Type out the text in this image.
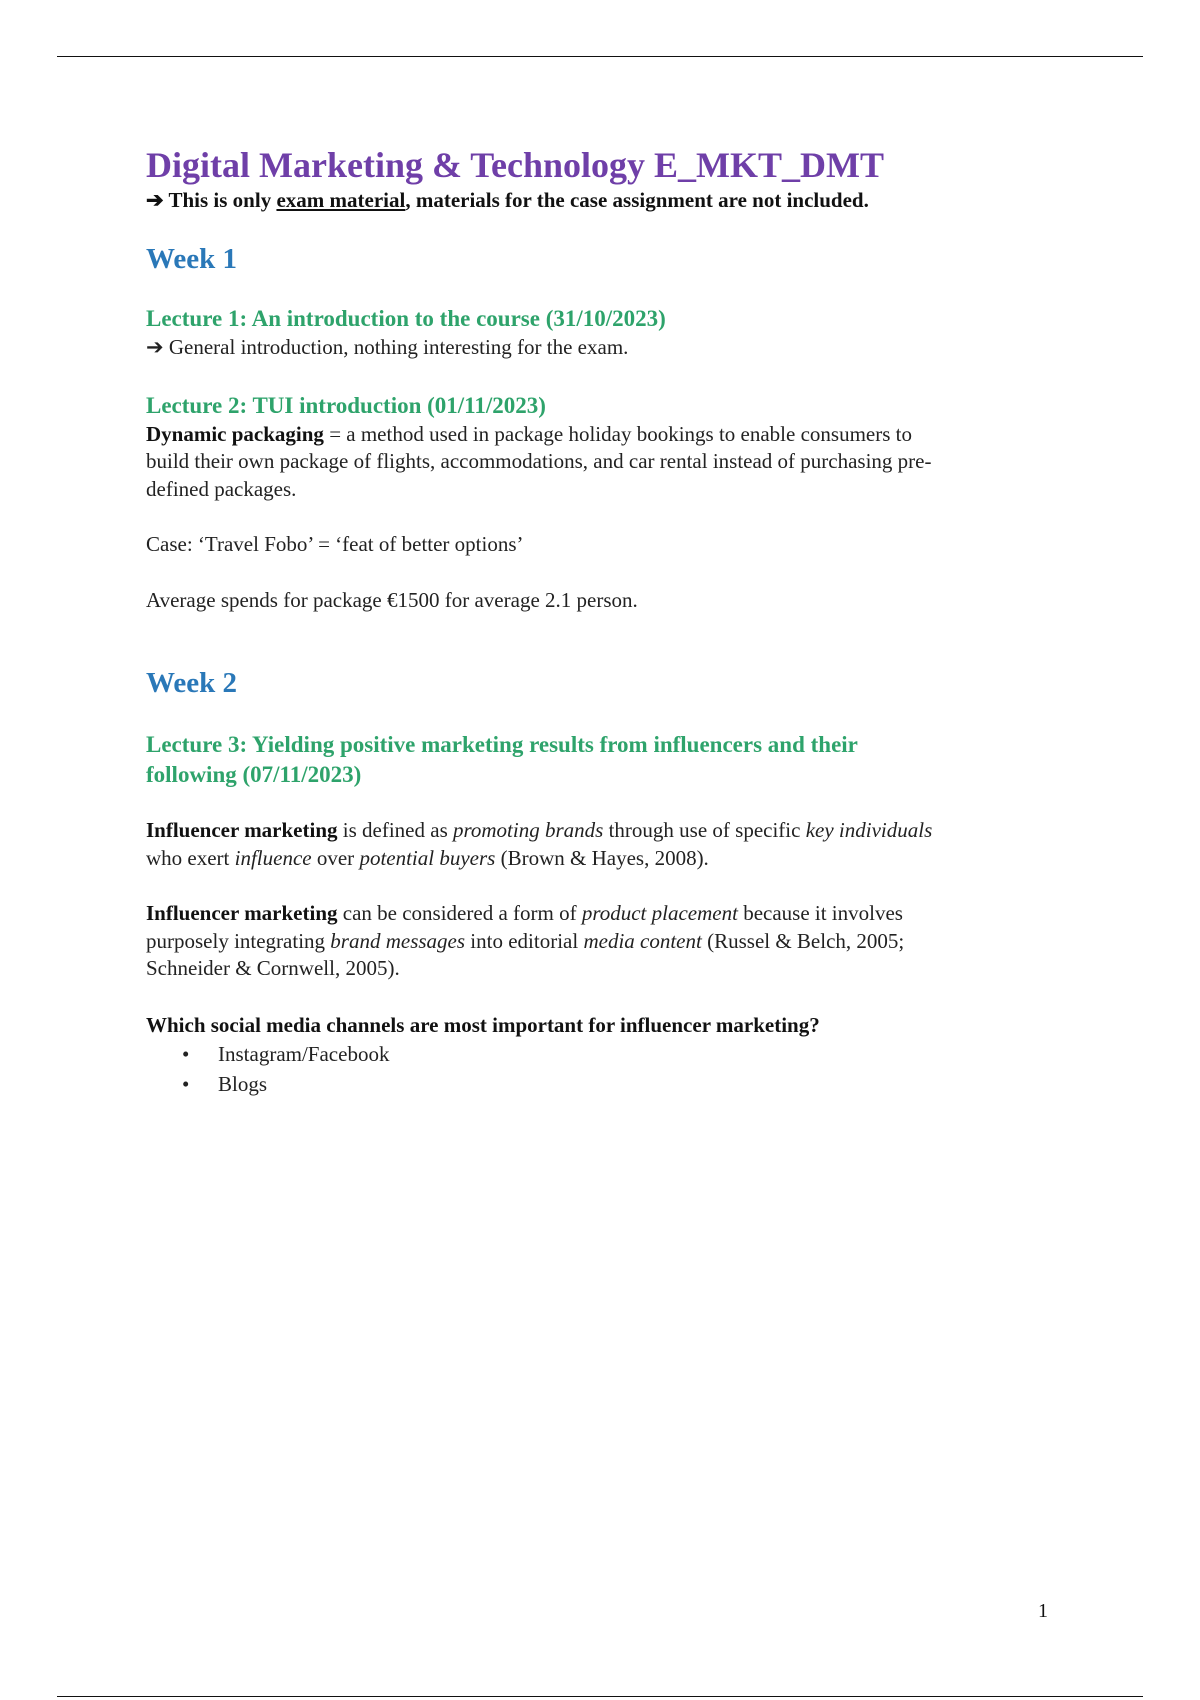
Digital Marketing & Technology E_MKT_DMT

➔ This is only exam material, materials for the case assignment are not included.

Week 1
Lecture 1: An introduction to the course (31/10/2023)

➔ General introduction, nothing interesting for the exam.

Lecture 2: TUI introduction (01/11/2023)

Dynamic packaging = a method used in package holiday bookings to enable consumers to
build their own package of flights, accommodations, and car rental instead of purchasing pre-
defined packages.

Case: ‘Travel Fobo’ = ‘feat of better options’

Average spends for package €1500 for average 2.1 person.

Week 2
Lecture 3: Yielding positive marketing results from influencers and their
following (07/11/2023)

Influencer marketing is defined as promoting brands through use of specific key individuals
who exert influence over potential buyers (Brown & Hayes, 2008).

Influencer marketing can be considered a form of product placement because it involves
purposely integrating brand messages into editorial media content (Russel & Belch, 2005;
Schneider & Cornwell, 2005).

Which social media channels are most important for influencer marketing?

• Instagram/Facebook
• Blogs
1
